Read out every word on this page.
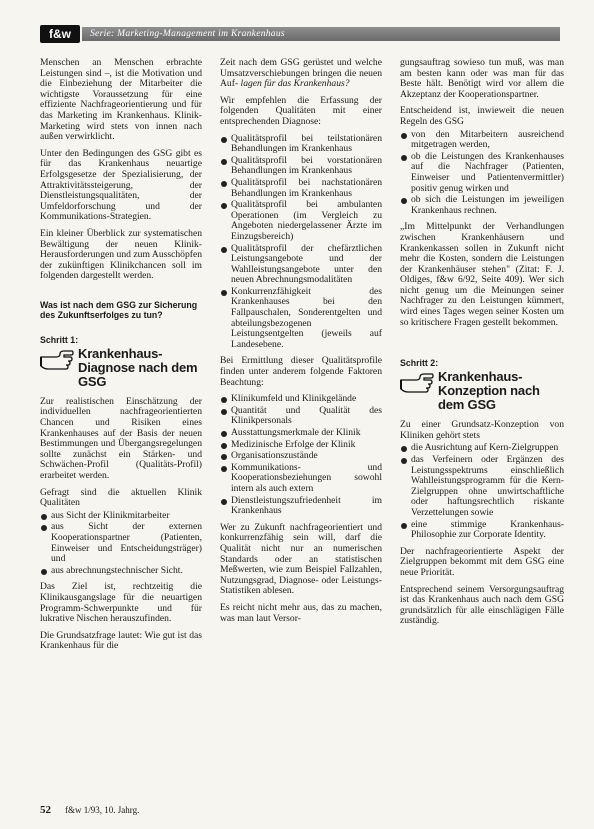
f&w	Serie: Marketing-Management im Krankenhaus

Menschen an Menschen erbrachte Leistungen sind –, ist die Motivation und die Einbeziehung der Mitarbeiter die wichtigste Voraussetzung für eine effiziente Nachfrageorientierung und für das Marketing im Krankenhaus. Klinik-Marketing wird stets von innen nach außen verwirklicht.

Unter den Bedingungen des GSG gibt es für das Krankenhaus neuartige Erfolgsgesetze der Spezialisierung, der Attraktivitätssteigerung, der Dienstleistungsqualitäten, der Umfeldorforschung und der Kommunikations-Strategien.

Ein kleiner Überblick zur systematischen Bewältigung der neuen Klinik-Herausforderungen und zum Ausschöpfen der zukünftigen Klinikchancen soll im folgenden dargestellt werden.

Was ist nach dem GSG zur Sicherung des Zukunftserfolges zu tun?
Schritt 1:
Krankenhaus-Diagnose nach dem GSG

Zur realistischen Einschätzung der individuellen nachfrageorientierten Chancen und Risiken eines Krankenhauses auf der Basis der neuen Bestimmungen und Übergangsregelungen sollte zunächst ein Stärken- und Schwächen-Profil (Qualitäts-Profil) erarbeitet werden.

Gefragt sind die aktuellen Klinik Qualitäten

aus Sicht der Klinikmitarbeiter
aus Sicht der externen Kooperationspartner (Patienten, Einweiser und Entscheidungsträger) und
aus abrechnungstechnischer Sicht.

Das Ziel ist, rechtzeitig die Klinikausgangslage für die neuartigen Programm-Schwerpunkte und für lukrative Nischen herauszufinden.

Die Grundsatzfrage lautet: Wie gut ist das Krankenhaus für die

Zeit nach dem GSG gerüstet und welche Umsatzverschiebungen bringen die neuen Auf- lagen für das Krankenhaus?

Wir empfehlen die Erfassung der folgenden Qualitäten mit einer entsprechenden Diagnose:

Qualitätsprofil bei teilstationären Behandlungen im Krankenhaus
Qualitätsprofil bei vorstationären Behandlungen im Krankenhaus
Qualitätsprofil bei nachstationären Behandlungen im Krankenhaus
Qualitätsprofil bei ambulanten Operationen (im Vergleich zu Angeboten niedergelassener Ärzte im Einzugsbereich)
Qualitätsprofil der chefärztlichen Leistungsangebote und der Wahlleistungsangebote unter den neuen Abrechnungsmodalitäten
Konkurrenzfähigkeit des Krankenhauses bei den Fallpauschalen, Sonderentgelten und abteilungsbezogenen Leistungsentgelten (jeweils auf Landesebene.

Bei Ermittlung dieser Qualitätsprofile finden unter anderem folgende Faktoren Beachtung:

Klinikumfeld und Klinikgelände
Quantität und Qualität des Klinikpersonals
Ausstattungsmerkmale der Klinik
Medizinische Erfolge der Klinik
Organisationszustände
Kommunikations- und Kooperationsbeziehungen sowohl intern als auch extern
Dienstleistungszufriedenheit im Krankenhaus

Wer zu Zukunft nachfrageorientiert und konkurrenzfähig sein will, darf die Qualität nicht nur an numerischen Standards oder an statistischen Meßwerten, wie zum Beispiel Fallzahlen, Nutzungsgrad, Diagnose- oder Leistungs-Statistiken ablesen.

Es reicht nicht mehr aus, das zu machen, was man laut Versor-

gungsauftrag sowieso tun muß, was man am besten kann oder was man für das Beste hält. Benötigt wird vor allem die Akzeptanz der Kooperationspartner.

Entscheidend ist, inwieweit die neuen Regeln des GSG

von den Mitarbeitern ausreichend mitgetragen werden,
ob die Leistungen des Krankenhauses auf die Nachfrager (Patienten, Einweiser und Patientenvermittler) positiv genug wirken und
ob sich die Leistungen im jeweiligen Krankenhaus rechnen.

„Im Mittelpunkt der Verhandlungen zwischen Krankenhäusern und Krankenkassen sollen in Zukunft nicht mehr die Kosten, sondern die Leistungen der Krankenhäuser stehen" (Zitat: F. J. Oldiges, f&w 6/92, Seite 409). Wer sich nicht genug um die Meinungen seiner Nachfrager zu den Leistungen kümmert, wird eines Tages wegen seiner Kosten um so kritischere Fragen gestellt bekommen.

Schritt 2:
Krankenhaus-Konzeption nach dem GSG

Zu einer Grundsatz-Konzeption von Kliniken gehört stets

die Ausrichtung auf Kern-Zielgruppen
das Verfeinern oder Ergänzen des Leistungsspektrums einschließlich Wahlleistungsprogramm für die Kern-Zielgruppen ohne unwirtschaftliche oder haftungsrechtlich riskante Verzettelungen sowie
eine stimmige Krankenhaus-Philosophie zur Corporate Identity.

Der nachfrageorientierte Aspekt der Zielgruppen bekommt mit dem GSG eine neue Priorität.

Entsprechend seinem Versorgungsauftrag ist das Krankenhaus auch nach dem GSG grundsätzlich für alle einschlägigen Fälle zuständig.

52 f&w 1/93, 10. Jahrg.
